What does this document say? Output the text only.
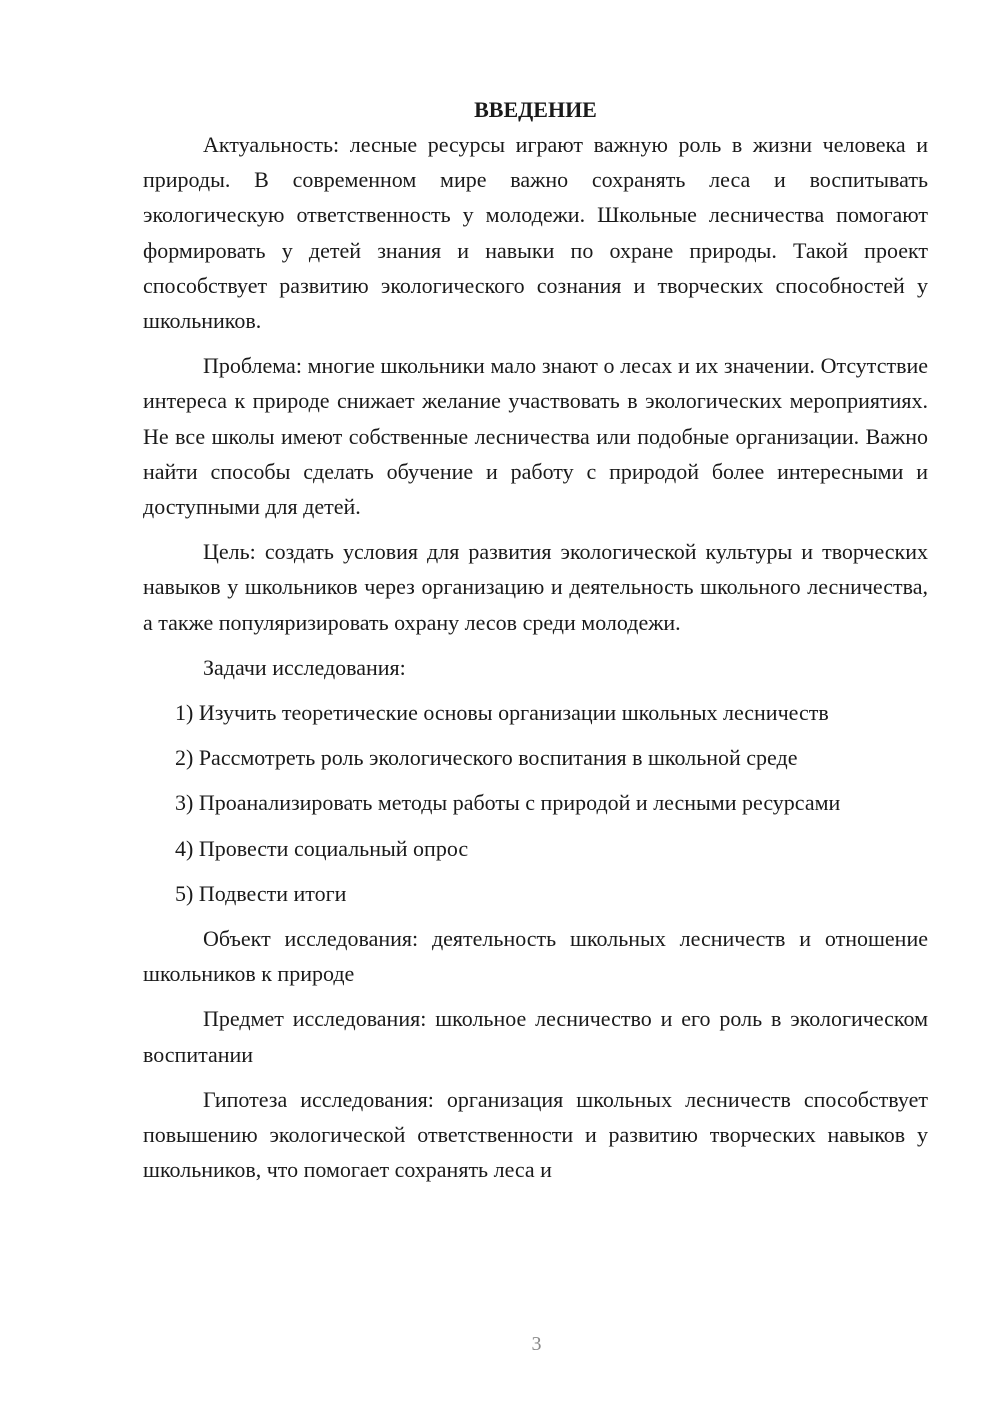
ВВЕДЕНИЕ

Актуальность: лесные ресурсы играют важную роль в жизни человека и природы. В современном мире важно сохранять леса и воспитывать экологическую ответственность у молодежи. Школьные лесничества помогают формировать у детей знания и навыки по охране природы. Такой проект способствует развитию экологического сознания и творческих способностей у школьников.

Проблема: многие школьники мало знают о лесах и их значении. Отсутствие интереса к природе снижает желание участвовать в экологических мероприятиях. Не все школы имеют собственные лесничества или подобные организации. Важно найти способы сделать обучение и работу с природой более интересными и доступными для детей.

Цель: создать условия для развития экологической культуры и творческих навыков у школьников через организацию и деятельность школьного лесничества, а также популяризировать охрану лесов среди молодежи.

Задачи исследования:

1) Изучить теоретические основы организации школьных лесничеств

2) Рассмотреть роль экологического воспитания в школьной среде

3) Проанализировать методы работы с природой и лесными ресурсами

4) Провести социальный опрос

5) Подвести итоги

Объект исследования: деятельность школьных лесничеств и отношение школьников к природе

Предмет исследования: школьное лесничество и его роль в экологическом воспитании

Гипотеза исследования: организация школьных лесничеств способствует повышению экологической ответственности и развитию творческих навыков у школьников, что помогает сохранять леса и

3
